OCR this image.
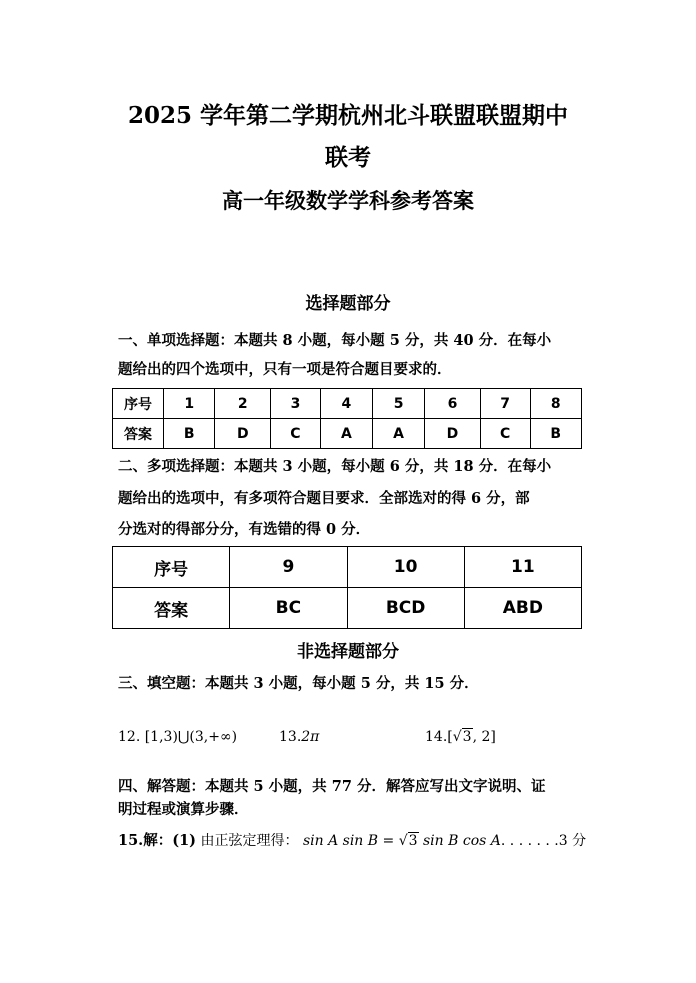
2025 学年第二学期杭州北斗联盟联盟期中
联考
高一年级数学学科参考答案
选择题部分
一、单项选择题：本题共 8 小题，每小题 5 分，共 40 分．在每小
题给出的四个选项中，只有一项是符合题目要求的．
序号	1	2	3	4	5	6	7	8
答案	B	D	C	A	A	D	C	B
二、多项选择题：本题共 3 小题，每小题 6 分，共 18 分．在每小
题给出的选项中，有多项符合题目要求．全部选对的得 6 分，部
分选对的得部分分，有选错的得 0 分．
序号	9	10	11
答案	BC	BCD	ABD
非选择题部分
三、填空题：本题共 3 小题，每小题 5 分，共 15 分．
12. [1,3)⋃(3,+∞)	13.2π	14.[√3, 2]
四、解答题：本题共 5 小题，共 77 分．解答应写出文字说明、证
明过程或演算步骤．
15.解：(1) 由正弦定理得： sin A sin B = √3 sin B cos A. . . . . . .3 分
